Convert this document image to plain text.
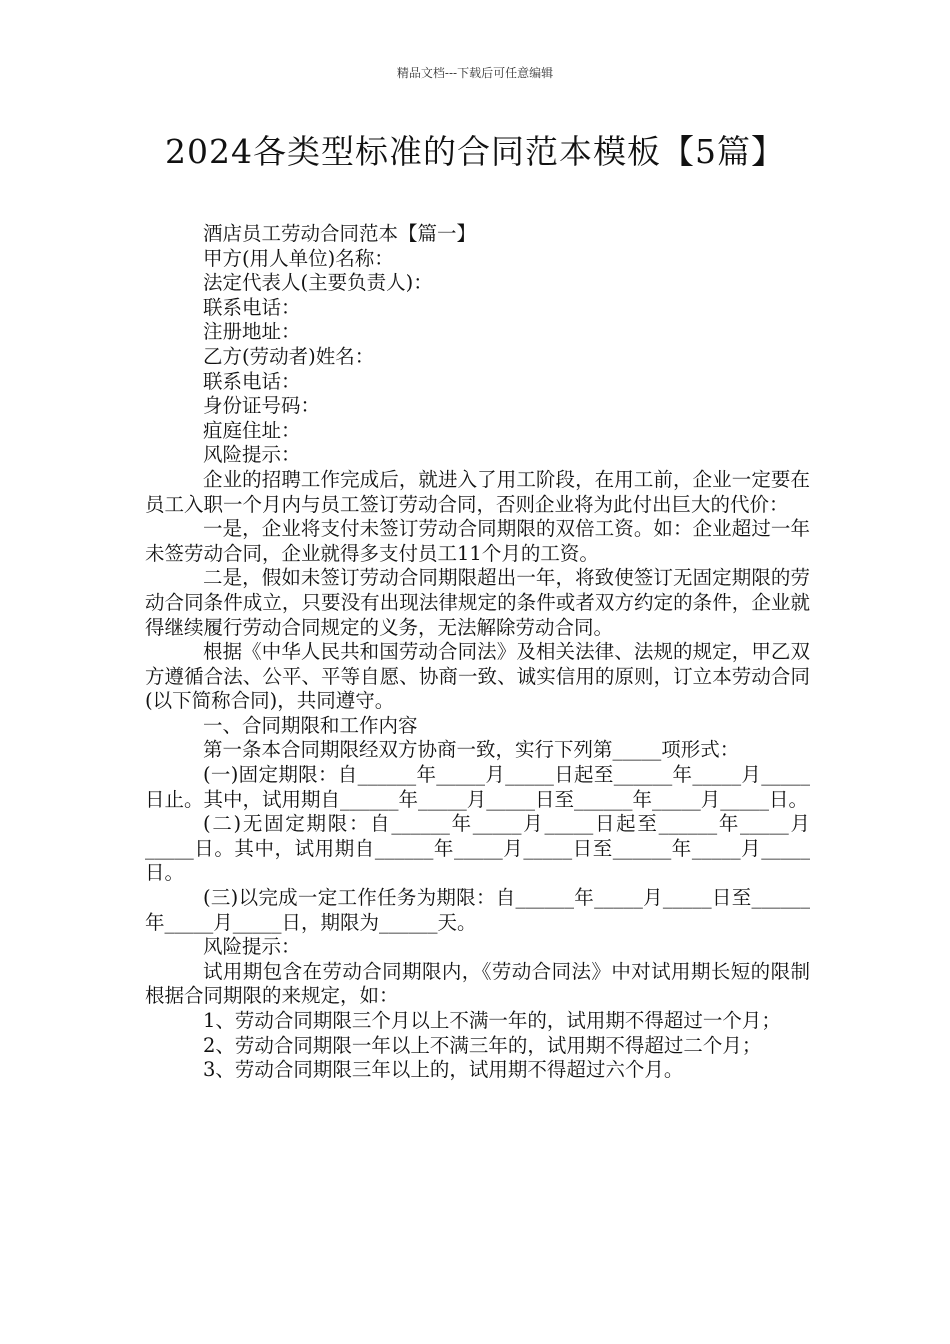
精品文档---下载后可任意编辑
2024各类型标准的合同范本模板【5篇】
酒店员工劳动合同范本【篇一】
甲方(用人单位)名称：
法定代表人(主要负责人)：
联系电话：
注册地址：
乙方(劳动者)姓名：
联系电话：
身份证号码：
疽庭住址：
风险提示：
企业的招聘工作完成后，就进入了用工阶段，在用工前，企业一定要在员工入职一个月内与员工签订劳动合同，否则企业将为此付出巨大的代价：
一是，企业将支付未签订劳动合同期限的双倍工资。如：企业超过一年未签劳动合同，企业就得多支付员工11个月的工资。
二是，假如未签订劳动合同期限超出一年，将致使签订无固定期限的劳动合同条件成立，只要没有出现法律规定的条件或者双方约定的条件，企业就得继续履行劳动合同规定的义务，无法解除劳动合同。
根据《中华人民共和国劳动合同法》及相关法律、法规的规定，甲乙双方遵循合法、公平、平等自愿、协商一致、诚实信用的原则，订立本劳动合同(以下简称合同)，共同遵守。
一、合同期限和工作内容
第一条本合同期限经双方协商一致，实行下列第_____项形式：
(一)固定期限：自______年_____月_____日起至______年_____月_____日止。其中，试用期自______年_____月_____日至______年_____月_____日。
(二)无固定期限：自______年_____月_____日起至______年_____月_____日。其中，试用期自______年_____月_____日至______年_____月_____日。
(三)以完成一定工作任务为期限：自______年_____月_____日至______年_____月_____日，期限为______天。
风险提示：
试用期包含在劳动合同期限内，《劳动合同法》中对试用期长短的限制根据合同期限的来规定，如：
1、劳动合同期限三个月以上不满一年的，试用期不得超过一个月；
2、劳动合同期限一年以上不满三年的，试用期不得超过二个月；
3、劳动合同期限三年以上的，试用期不得超过六个月。
